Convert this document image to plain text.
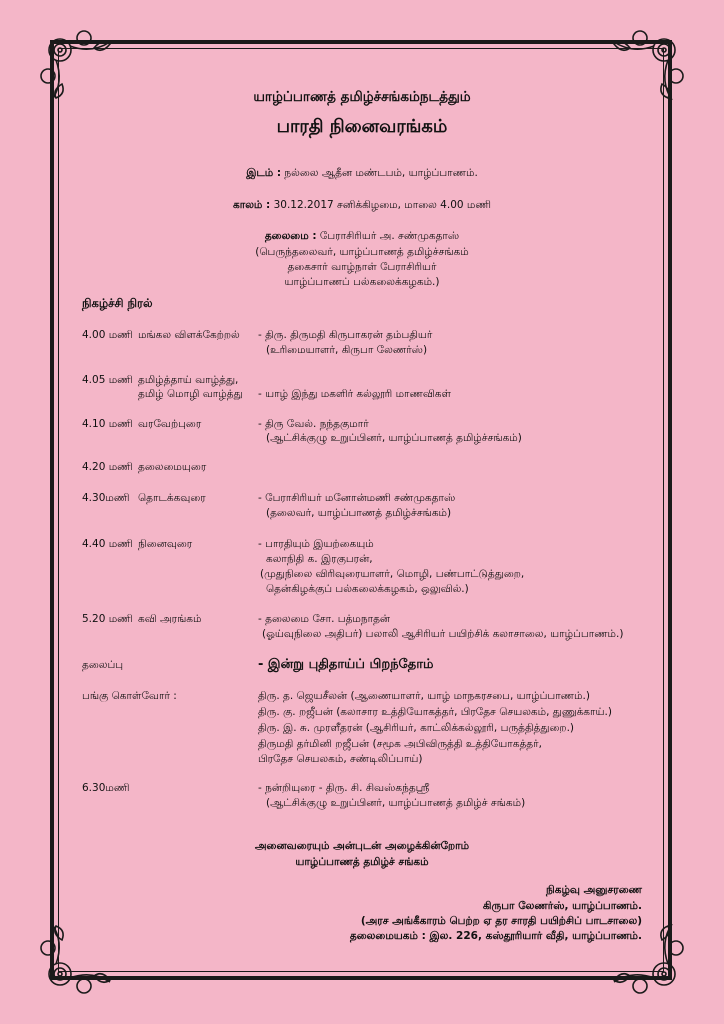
யாழ்ப்பாணத் தமிழ்ச்சங்கம்நடத்தும்
பாரதி நினைவரங்கம்
இடம் : நல்லை ஆதீன மண்டபம், யாழ்ப்பாணம்.
காலம் : 30.12.2017 சனிக்கிழமை, மாலை 4.00 மணி
தலைமை : பேராசிரியர் அ. சண்முகதாஸ்
(பெருந்தலைவர், யாழ்ப்பாணத் தமிழ்ச்சங்கம்
தகைசார் வாழ்நாள் பேராசிரியர்
யாழ்ப்பாணப் பல்கலைக்கழகம்.)
நிகழ்ச்சி நிரல்
4.00 மணி மங்கல விளக்கேற்றல் - திரு. திருமதி கிருபாகரன் தம்பதியர்
(உரிமையாளர், கிருபா லேணர்ஸ்)
4.05 மணி தமிழ்த்தாய் வாழ்த்து,
தமிழ் மொழி வாழ்த்து - யாழ் இந்து மகளிர் கல்லூரி மாணவிகள்
4.10 மணி வரவேற்புரை	- திரு வேல். நந்தகுமார்
(ஆட்சிக்குழு உறுப்பினர், யாழ்ப்பாணத் தமிழ்ச்சங்கம்)
4.20 மணி தலைமையுரை
4.30மணி தொடக்கவுரை	- பேராசிரியர் மனோன்மணி சண்முகதாஸ்
(தலைவர், யாழ்ப்பாணத் தமிழ்ச்சங்கம்)
4.40 மணி நினைவுரை	- பாரதியும் இயற்கையும்
கலாநிதி க. இரகுபரன்,
(முதுநிலை விரிவுரையாளர், மொழி, பண்பாட்டுத்துறை,
தென்கிழக்குப் பல்கலைக்கழகம், ஒலுவில்.)
5.20 மணி கவி அரங்கம்	- தலைமை சோ. பத்மநாதன்
(ஓய்வுநிலை அதிபர்) பலாலி ஆசிரியர் பயிற்சிக் கலாசாலை, யாழ்ப்பாணம்.)
தலைப்பு	- இன்று புதிதாய்ப் பிறந்தோம்
பங்கு கொள்வோர் :	திரு. த. ஜெயசீலன் (ஆணையாளர், யாழ் மாநகரசபை, யாழ்ப்பாணம்.)
திரு. கு. றஜீபன் (கலாசார உத்தியோகத்தர், பிரதேச செயலகம், துணுக்காய்.)
திரு. இ. சு. முரளீதரன் (ஆசிரியர், காட்லிக்கல்லூரி, பருத்தித்துறை.)
திருமதி தர்மினி றஜீபன் (சமூக அபிவிருத்தி உத்தியோகத்தர்,
பிரதேச செயலகம், சண்டிலிப்பாய்)
6.30மணி	- நன்றியுரை - திரு. சி. சிவஸ்கந்தஸ்ரீ
(ஆட்சிக்குழு உறுப்பினர், யாழ்ப்பாணத் தமிழ்ச் சங்கம்)
அனைவரையும் அன்புடன் அழைக்கின்றோம்
யாழ்ப்பாணத் தமிழ்ச் சங்கம்
நிகழ்வு அனுசரணை
கிருபா லேணர்ஸ், யாழ்ப்பாணம்.
(அரச அங்கீகாரம் பெற்ற ஏ தர சாரதி பயிற்சிப் பாடசாலை)
தலைமையகம் : இல. 226, கஸ்தூரியார் வீதி, யாழ்ப்பாணம்.
